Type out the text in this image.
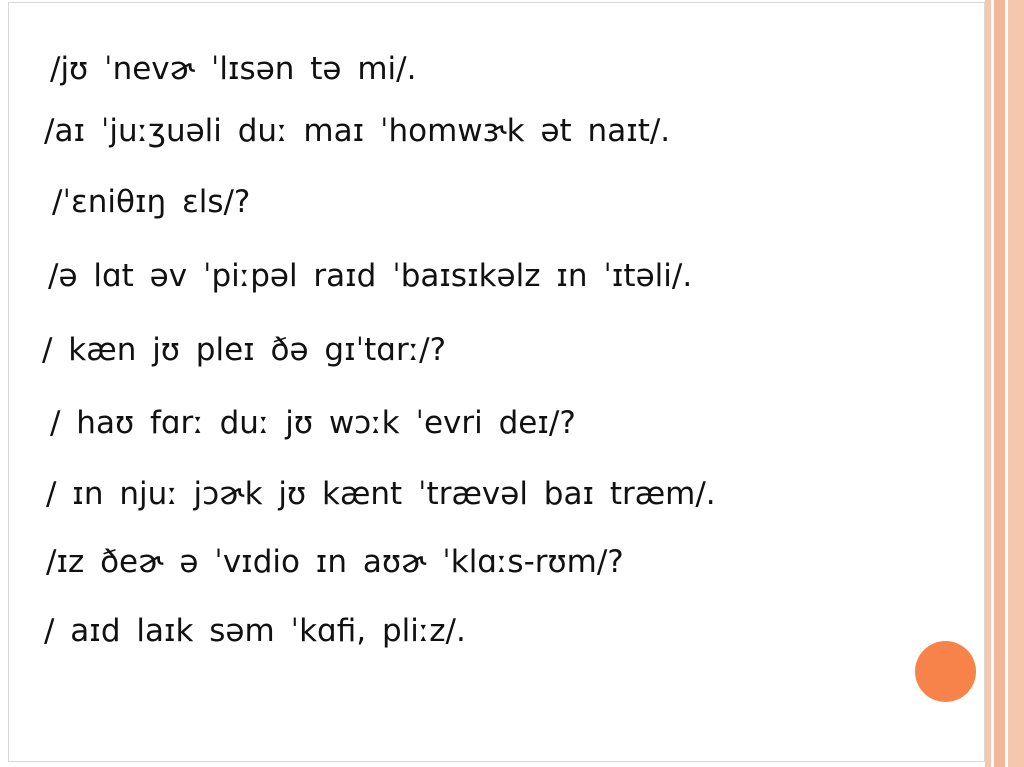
/jʊ ˈnevɚ ˈlɪsən tə mi/.
/aɪ ˈjuːʒuəli duː maɪ ˈhomwɝk ət naɪt/.
/ˈɛniθɪŋ ɛls/?
/ə lɑt əv ˈpiːpəl raɪd ˈbaɪsɪkəlz ɪn ˈɪtəli/.
/ kæn jʊ pleɪ ðə gɪˈtɑrː/?
/ haʊ fɑrː duː jʊ wɔːk ˈevri deɪ/?
/ ɪn njuː jɔɚk jʊ kænt ˈtrævəl baɪ træm/.
/ɪz ðeɚ ə ˈvɪdio ɪn aʊɚ ˈklɑːs-rʊm/?
/ aɪd laɪk səm ˈkɑfi, pliːz/.
